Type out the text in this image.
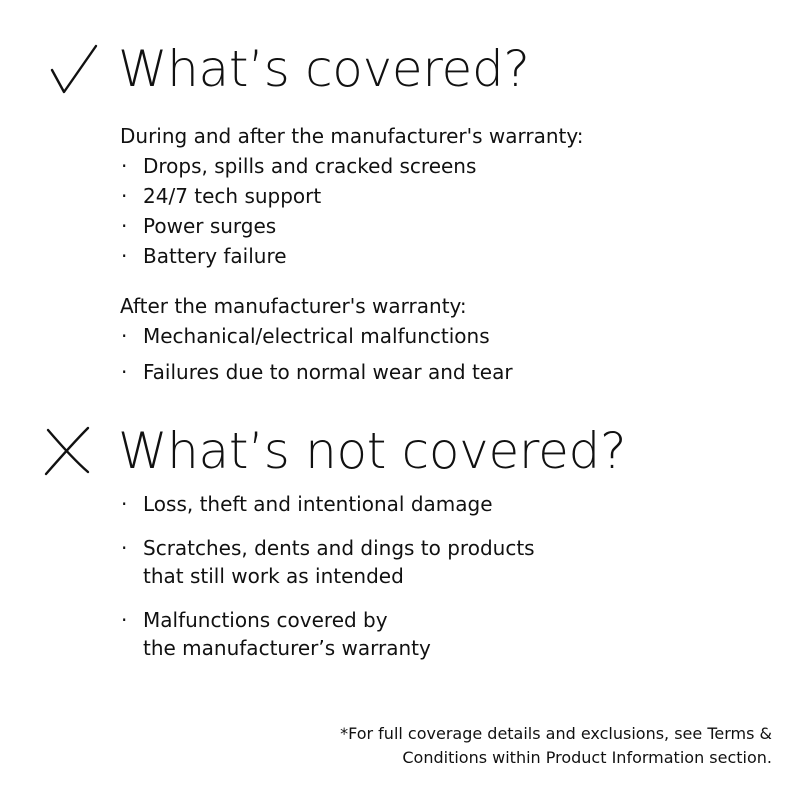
What’s covered?

During and after the manufacturer's warranty:

· Drops, spills and cracked screens
· 24/7 tech support
· Power surges
· Battery failure

After the manufacturer's warranty:

· Mechanical/electrical malfunctions
· Failures due to normal wear and tear
What’s not covered?
· Loss, theft and intentional damage
· Scratches, dents and dings to products
that still work as intended
· Malfunctions covered by
the manufacturer’s warranty

*For full coverage details and exclusions, see Terms &
Conditions within Product Information section.
